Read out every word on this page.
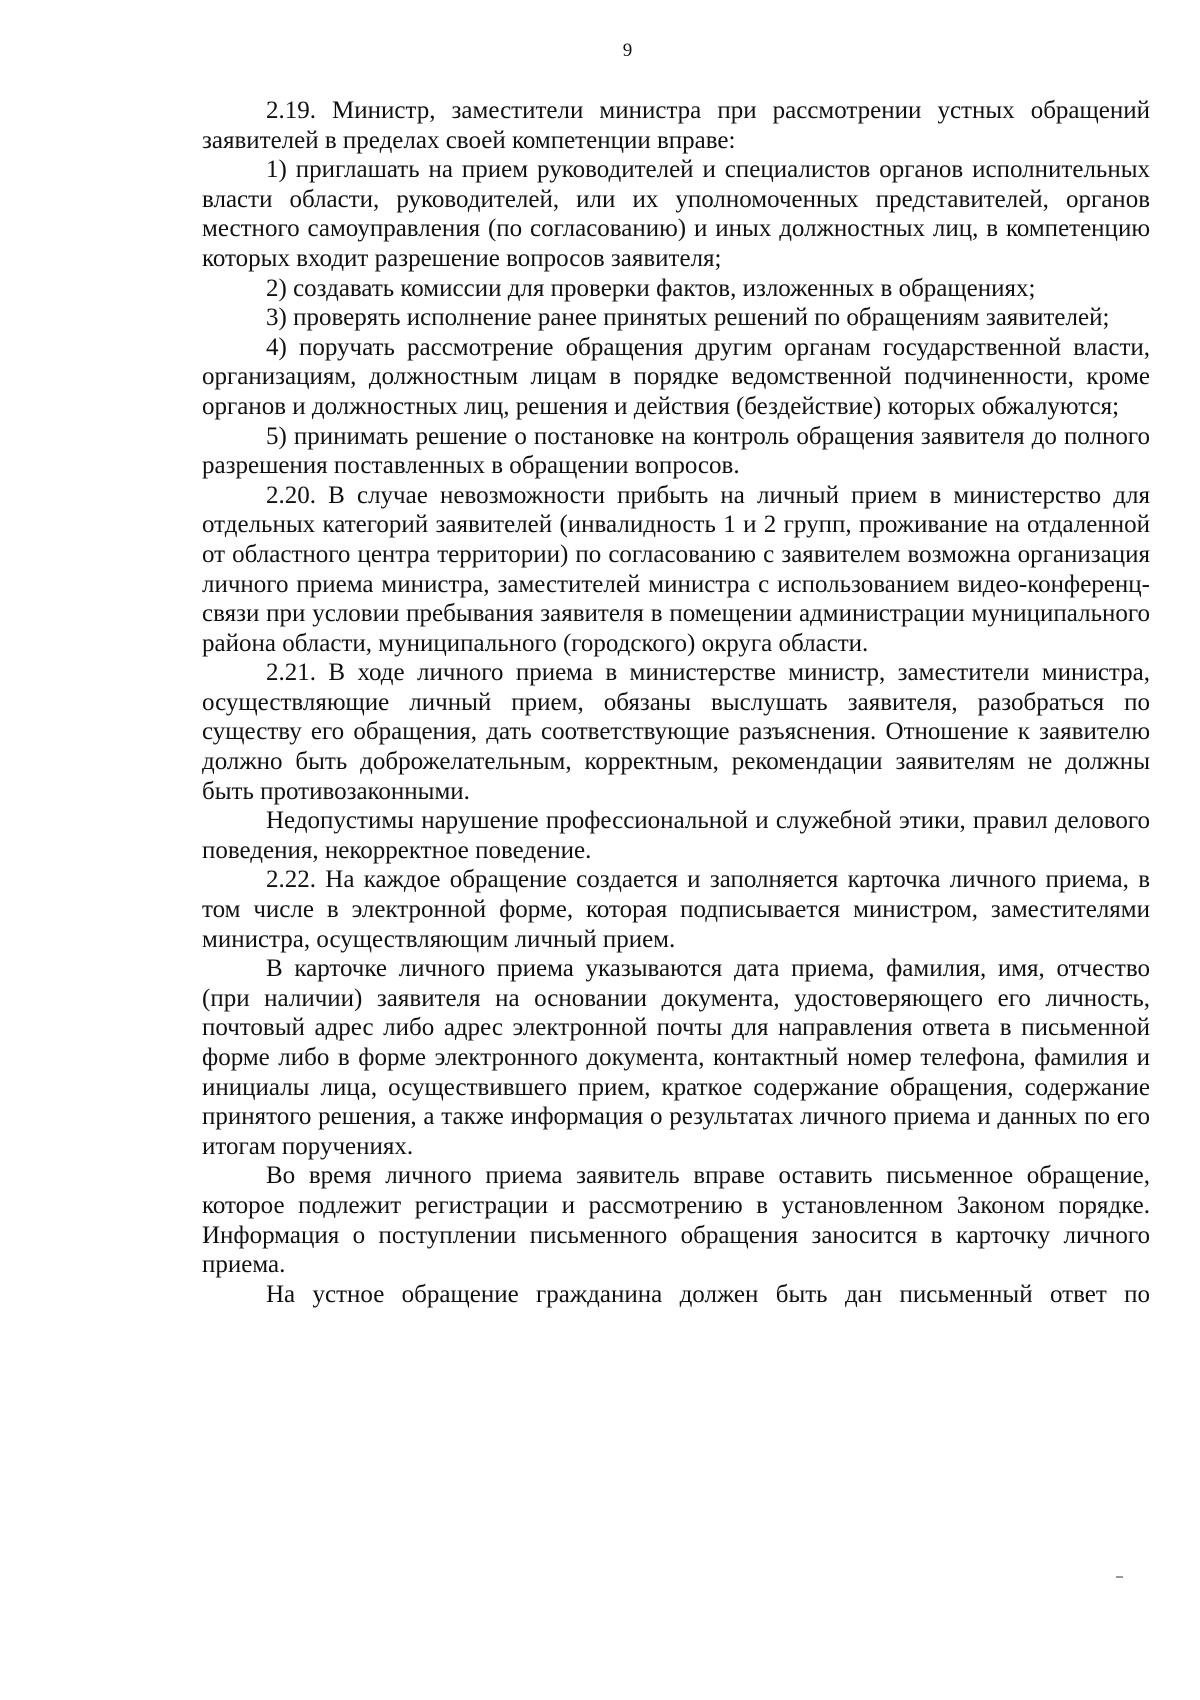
9

2.19. Министр, заместители министра при рассмотрении устных обращений заявителей в пределах своей компетенции вправе:

1) приглашать на прием руководителей и специалистов органов исполнительных власти области, руководителей, или их уполномоченных представителей, органов местного самоуправления (по согласованию) и иных должностных лиц, в компетенцию которых входит разрешение вопросов заявителя;

2) создавать комиссии для проверки фактов, изложенных в обращениях;

3) проверять исполнение ранее принятых решений по обращениям заявителей;

4) поручать рассмотрение обращения другим органам государственной власти, организациям, должностным лицам в порядке ведомственной подчиненности, кроме органов и должностных лиц, решения и действия (бездействие) которых обжалуются;

5) принимать решение о постановке на контроль обращения заявителя до полного разрешения поставленных в обращении вопросов.

2.20. В случае невозможности прибыть на личный прием в министерство для отдельных категорий заявителей (инвалидность 1 и 2 групп, проживание на отдаленной от областного центра территории) по согласованию с заявителем возможна организация личного приема министра, заместителей министра с использованием видео-конференц-связи при условии пребывания заявителя в помещении администрации муниципального района области, муниципального (городского) округа области.

2.21. В ходе личного приема в министерстве министр, заместители министра, осуществляющие личный прием, обязаны выслушать заявителя, разобраться по существу его обращения, дать соответствующие разъяснения. Отношение к заявителю должно быть доброжелательным, корректным, рекомендации заявителям не должны быть противозаконными.

Недопустимы нарушение профессиональной и служебной этики, правил делового поведения, некорректное поведение.

2.22. На каждое обращение создается и заполняется карточка личного приема, в том числе в электронной форме, которая подписывается министром, заместителями министра, осуществляющим личный прием.

В карточке личного приема указываются дата приема, фамилия, имя, отчество (при наличии) заявителя на основании документа, удостоверяющего его личность, почтовый адрес либо адрес электронной почты для направления ответа в письменной форме либо в форме электронного документа, контактный номер телефона, фамилия и инициалы лица, осуществившего прием, краткое содержание обращения, содержание принятого решения, а также информация о результатах личного приема и данных по его итогам поручениях.

Во время личного приема заявитель вправе оставить письменное обращение, которое подлежит регистрации и рассмотрению в установленном Законом порядке. Информация о поступлении письменного обращения заносится в карточку личного приема.

На устное обращение гражданина должен быть дан письменный ответ по
